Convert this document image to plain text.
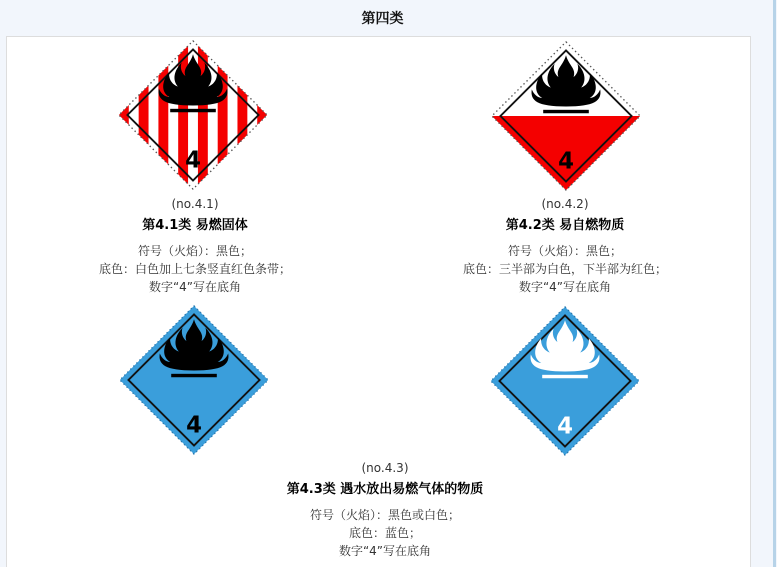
第四类
4	4
4	4
(no.4.1)
第4.1类 易燃固体
符号（火焰）：黑色；
底色：白色加上七条竖直红色条带；
数字“4”写在底角
(no.4.2)
第4.2类 易自燃物质
符号（火焰）：黑色；
底色：三半部为白色，下半部为红色；
数字“4”写在底角
(no.4.3)
第4.3类 遇水放出易燃气体的物质
符号（火焰）：黑色或白色；
底色：蓝色；
数字“4”写在底角
